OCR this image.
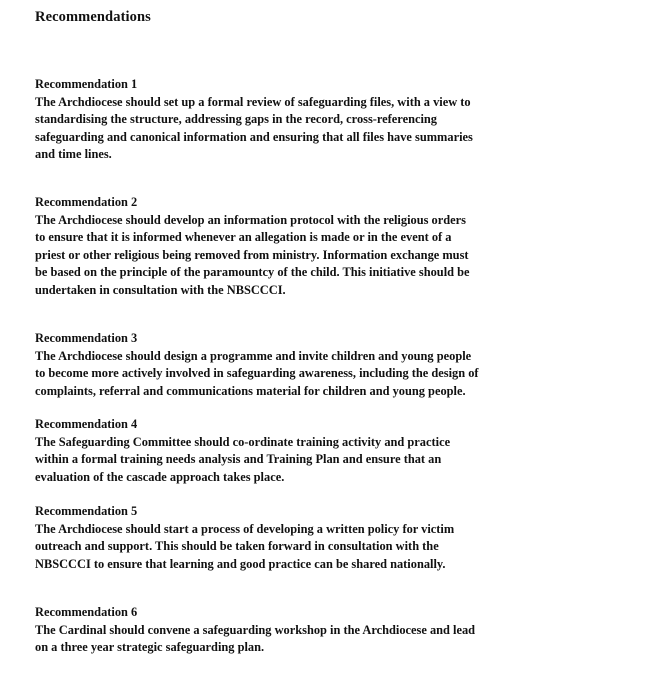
Recommendations
Recommendation 1
The Archdiocese should set up a formal review of safeguarding files, with a view to
standardising the structure, addressing gaps in the record, cross-referencing
safeguarding and canonical information and ensuring that all files have summaries
and time lines.
Recommendation 2
The Archdiocese should develop an information protocol with the religious orders
to ensure that it is informed whenever an allegation is made or in the event of a
priest or other religious being removed from ministry. Information exchange must
be based on the principle of the paramountcy of the child. This initiative should be
undertaken in consultation with the NBSCCCI.
Recommendation 3
The Archdiocese should design a programme and invite children and young people
to become more actively involved in safeguarding awareness, including the design of
complaints, referral and communications material for children and young people.
Recommendation 4
The Safeguarding Committee should co-ordinate training activity and practice
within a formal training needs analysis and Training Plan and ensure that an
evaluation of the cascade approach takes place.
Recommendation 5
The Archdiocese should start a process of developing a written policy for victim
outreach and support. This should be taken forward in consultation with the
NBSCCCI to ensure that learning and good practice can be shared nationally.
Recommendation 6
The Cardinal should convene a safeguarding workshop in the Archdiocese and lead
on a three year strategic safeguarding plan.
